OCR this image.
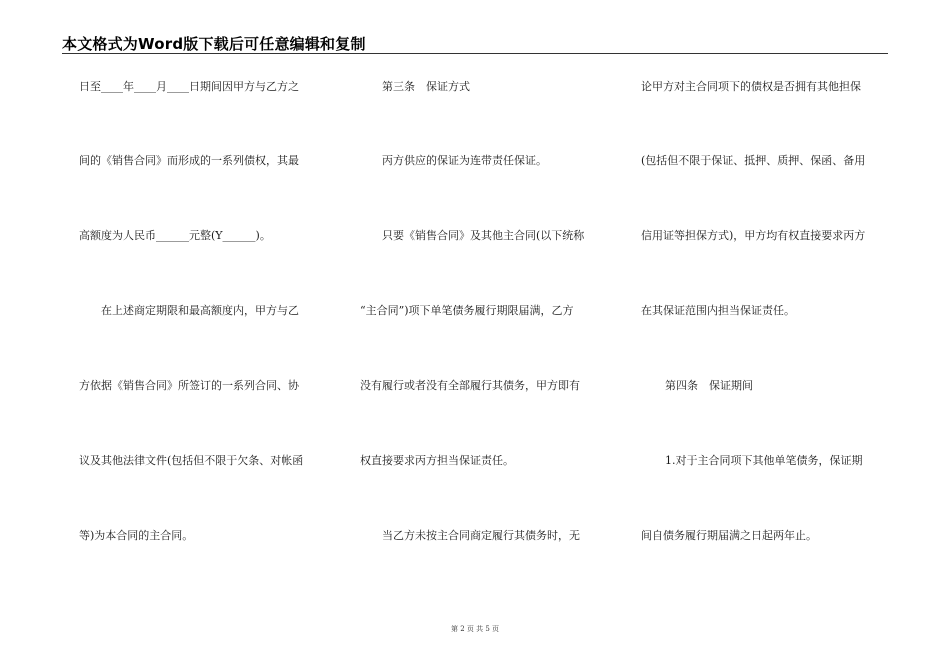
本文格式为Word版下载后可任意编辑和复制
日至____年____月____日期间因甲方与乙方之
间的《销售合同》而形成的一系列债权，其最
高额度为人民币______元整(Y______)。
在上述商定期限和最高额度内，甲方与乙
方依据《销售合同》所签订的一系列合同、协
议及其他法律文件(包括但不限于欠条、对帐函
等)为本合同的主合同。
第三条　保证方式
丙方供应的保证为连带责任保证。
只要《销售合同》及其他主合同(以下统称
“主合同”)项下单笔债务履行期限届满，乙方
没有履行或者没有全部履行其债务，甲方即有
权直接要求丙方担当保证责任。
当乙方未按主合同商定履行其债务时，无
论甲方对主合同项下的债权是否拥有其他担保
(包括但不限于保证、抵押、质押、保函、备用
信用证等担保方式)，甲方均有权直接要求丙方
在其保证范围内担当保证责任。
第四条　保证期间
1.对于主合同项下其他单笔债务，保证期
间自债务履行期届满之日起两年止。
第 2 页 共 5 页
